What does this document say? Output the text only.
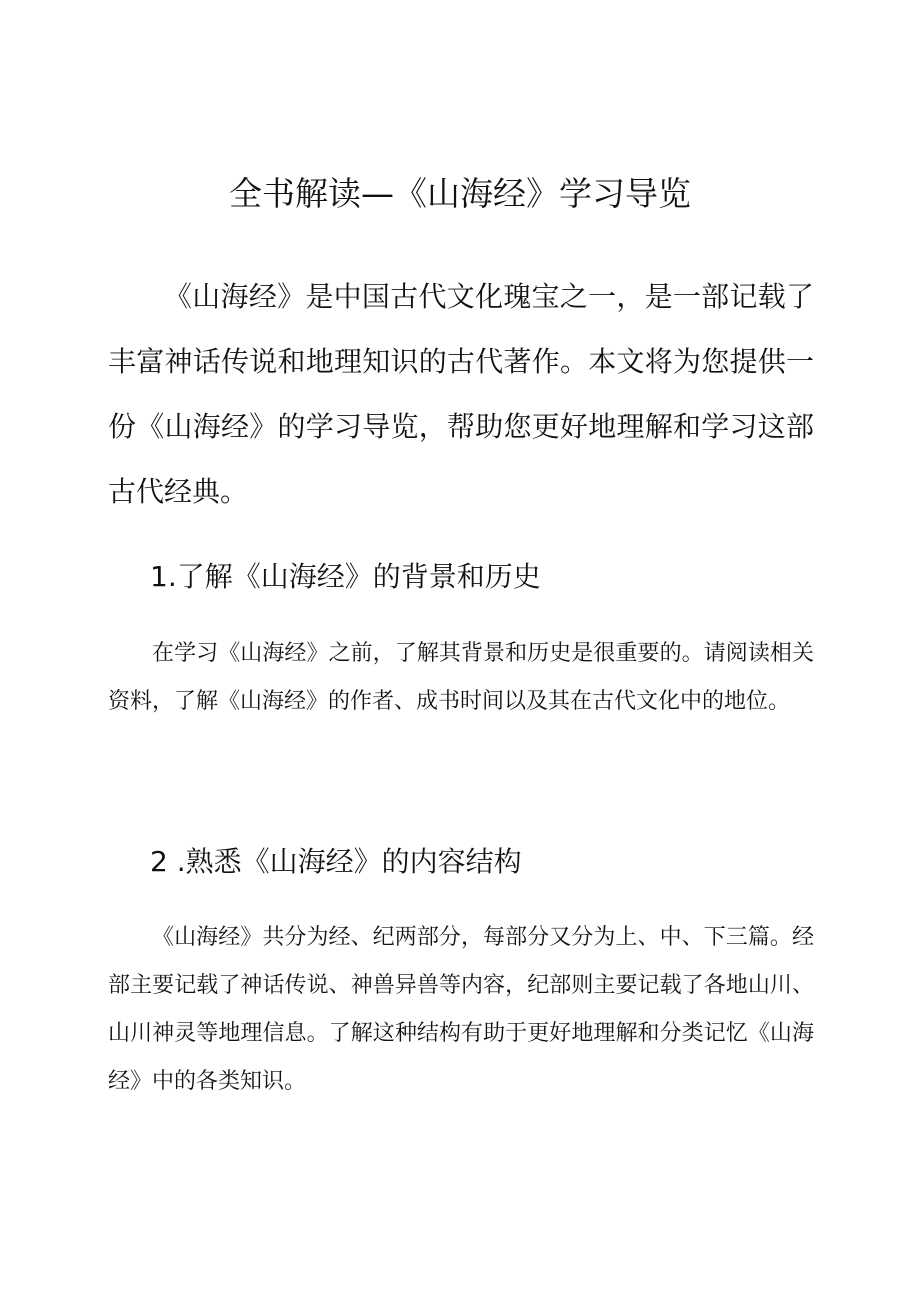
全书解读—《山海经》学习导览

《山海经》是中国古代文化瑰宝之一，是一部记载了丰富神话传说和地理知识的古代著作。本文将为您提供一份《山海经》的学习导览，帮助您更好地理解和学习这部古代经典。

1.了解《山海经》的背景和历史

在学习《山海经》之前，了解其背景和历史是很重要的。请阅读相关资料，了解《山海经》的作者、成书时间以及其在古代文化中的地位。

2 .熟悉《山海经》的内容结构

《山海经》共分为经、纪两部分，每部分又分为上、中、下三篇。经部主要记载了神话传说、神兽异兽等内容，纪部则主要记载了各地山川、山川神灵等地理信息。了解这种结构有助于更好地理解和分类记忆《山海经》中的各类知识。
